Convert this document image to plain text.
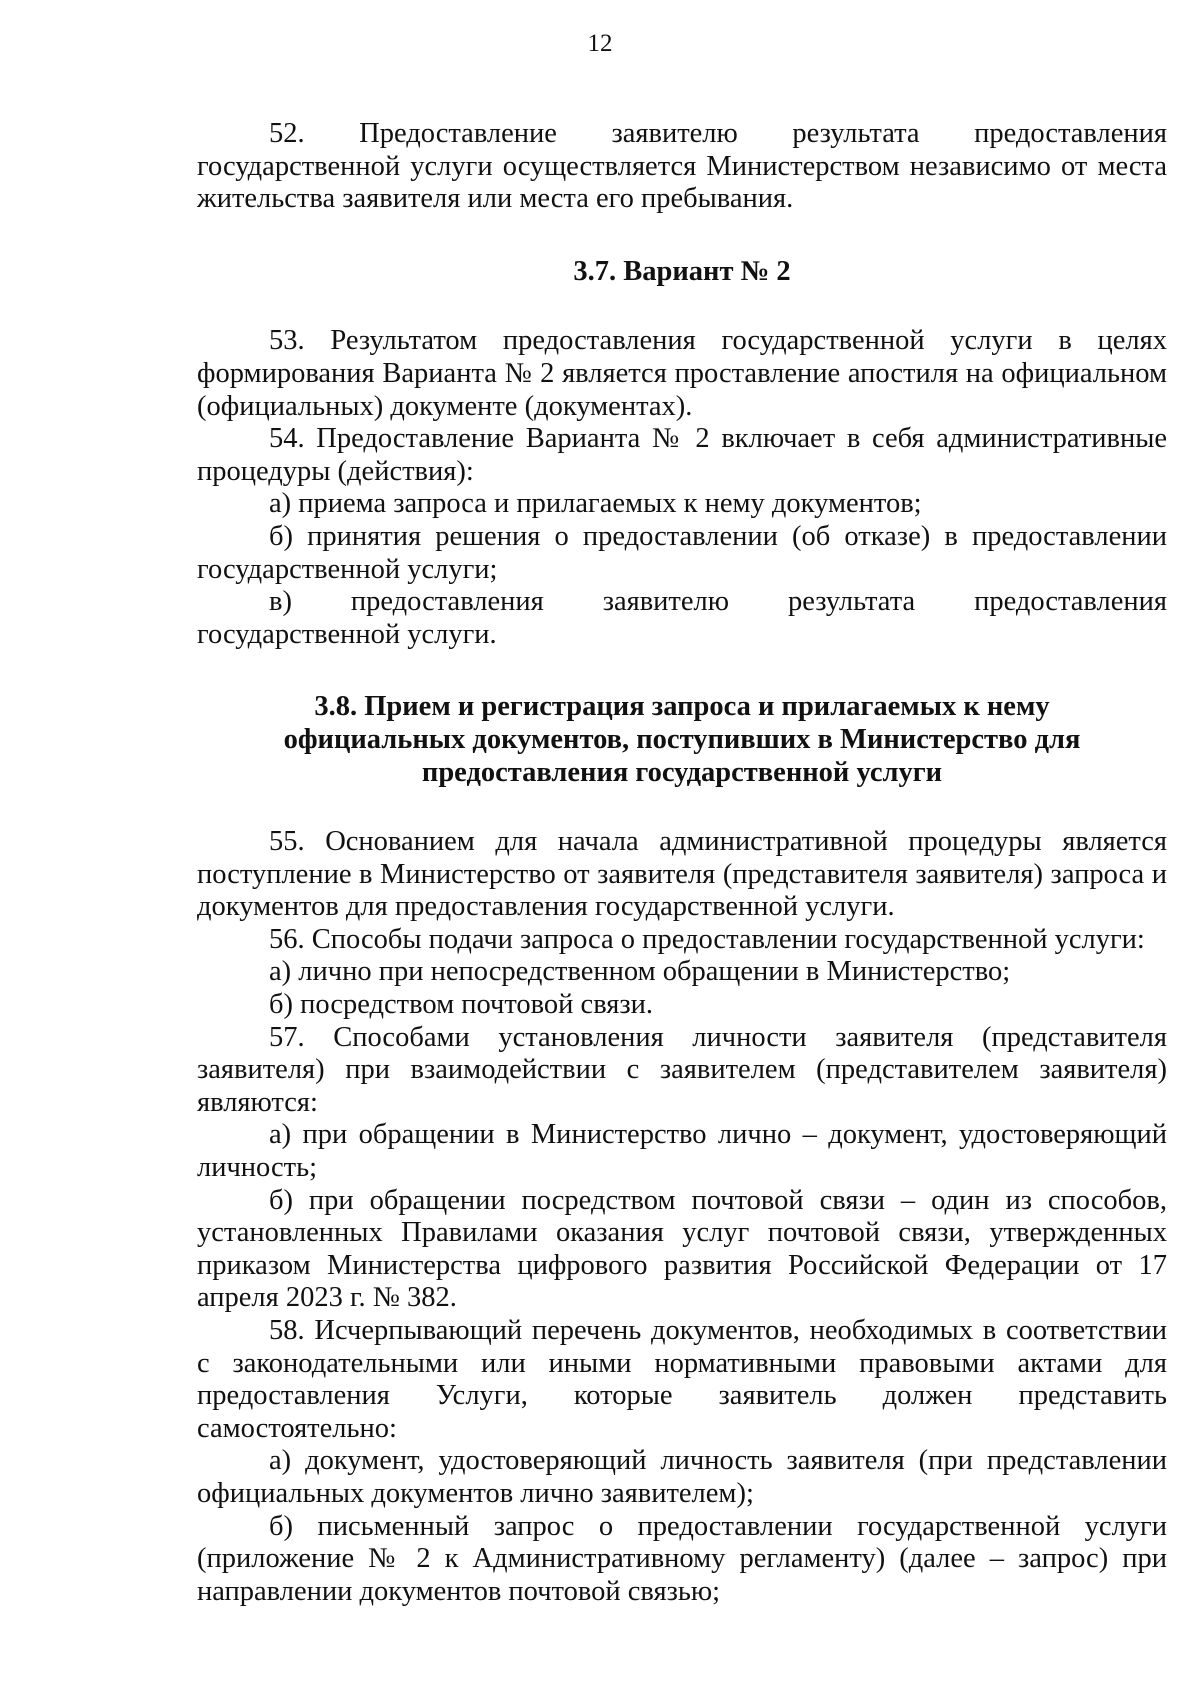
12

52. Предоставление заявителю результата предоставления государственной услуги осуществляется Министерством независимо от места жительства заявителя или места его пребывания.

3.7. Вариант № 2

53. Результатом предоставления государственной услуги в целях формирования Варианта № 2 является проставление апостиля на официальном (официальных) документе (документах).

54. Предоставление Варианта № 2 включает в себя административные процедуры (действия):

а) приема запроса и прилагаемых к нему документов;

б) принятия решения о предоставлении (об отказе) в предоставлении государственной услуги;

в) предоставления заявителю результата предоставления государственной услуги.

3.8. Прием и регистрация запроса и прилагаемых к нему
официальных документов, поступивших в Министерство для
предоставления государственной услуги

55. Основанием для начала административной процедуры является поступление в Министерство от заявителя (представителя заявителя) запроса и документов для предоставления государственной услуги.

56. Способы подачи запроса о предоставлении государственной услуги:

а) лично при непосредственном обращении в Министерство;

б) посредством почтовой связи.

57. Способами установления личности заявителя (представителя заявителя) при взаимодействии с заявителем (представителем заявителя) являются:

а) при обращении в Министерство лично – документ, удостоверяющий личность;

б) при обращении посредством почтовой связи – один из способов, установленных Правилами оказания услуг почтовой связи, утвержденных приказом Министерства цифрового развития Российской Федерации от 17 апреля 2023 г. № 382.

58. Исчерпывающий перечень документов, необходимых в соответствии с законодательными или иными нормативными правовыми актами для предоставления Услуги, которые заявитель должен представить самостоятельно:

а) документ, удостоверяющий личность заявителя (при представлении официальных документов лично заявителем);

б) письменный запрос о предоставлении государственной услуги (приложение № 2 к Административному регламенту) (далее – запрос) при направлении документов почтовой связью;
